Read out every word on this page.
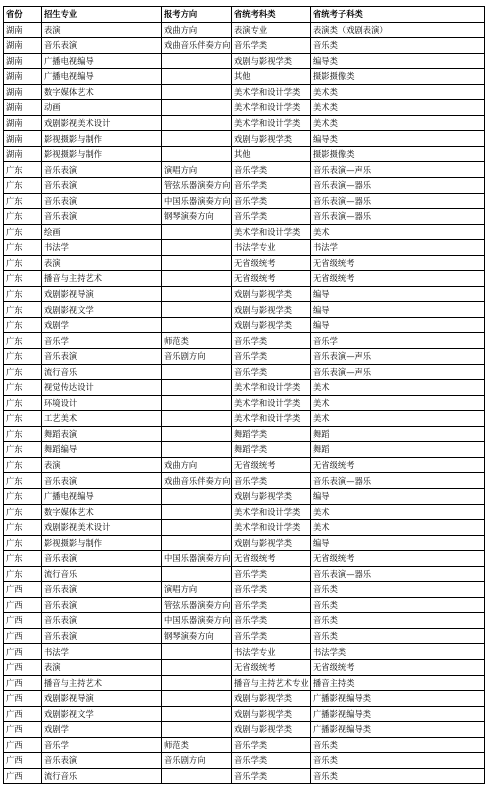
省份	招生专业	报考方向	省统考科类	省统考子科类
湖南	表演	戏曲方向	表演专业	表演类（戏剧表演）
湖南	音乐表演	戏曲音乐伴奏方向	音乐学类	音乐类
湖南	广播电视编导		戏剧与影视学类	编导类
湖南	广播电视编导		其他	摄影摄像类
湖南	数字媒体艺术		美术学和设计学类	美术类
湖南	动画		美术学和设计学类	美术类
湖南	戏剧影视美术设计		美术学和设计学类	美术类
湖南	影视摄影与制作		戏剧与影视学类	编导类
湖南	影视摄影与制作		其他	摄影摄像类
广东	音乐表演	演唱方向	音乐学类	音乐表演—声乐
广东	音乐表演	管弦乐器演奏方向	音乐学类	音乐表演—器乐
广东	音乐表演	中国乐器演奏方向	音乐学类	音乐表演—器乐
广东	音乐表演	钢琴演奏方向	音乐学类	音乐表演—器乐
广东	绘画		美术学和设计学类	美术
广东	书法学		书法学专业	书法学
广东	表演		无省级统考	无省级统考
广东	播音与主持艺术		无省级统考	无省级统考
广东	戏剧影视导演		戏剧与影视学类	编导
广东	戏剧影视文学		戏剧与影视学类	编导
广东	戏剧学		戏剧与影视学类	编导
广东	音乐学	师范类	音乐学类	音乐学
广东	音乐表演	音乐剧方向	音乐学类	音乐表演—声乐
广东	流行音乐		音乐学类	音乐表演—声乐
广东	视觉传达设计		美术学和设计学类	美术
广东	环境设计		美术学和设计学类	美术
广东	工艺美术		美术学和设计学类	美术
广东	舞蹈表演		舞蹈学类	舞蹈
广东	舞蹈编导		舞蹈学类	舞蹈
广东	表演	戏曲方向	无省级统考	无省级统考
广东	音乐表演	戏曲音乐伴奏方向	音乐学类	音乐表演—器乐
广东	广播电视编导		戏剧与影视学类	编导
广东	数字媒体艺术		美术学和设计学类	美术
广东	戏剧影视美术设计		美术学和设计学类	美术
广东	影视摄影与制作		戏剧与影视学类	编导
广东	音乐表演	中国乐器演奏方向	无省级统考	无省级统考
广东	流行音乐		音乐学类	音乐表演—器乐
广西	音乐表演	演唱方向	音乐学类	音乐类
广西	音乐表演	管弦乐器演奏方向	音乐学类	音乐类
广西	音乐表演	中国乐器演奏方向	音乐学类	音乐类
广西	音乐表演	钢琴演奏方向	音乐学类	音乐类
广西	书法学		书法学专业	书法学类
广西	表演		无省级统考	无省级统考
广西	播音与主持艺术		播音与主持艺术专业	播音主持类
广西	戏剧影视导演		戏剧与影视学类	广播影视编导类
广西	戏剧影视文学		戏剧与影视学类	广播影视编导类
广西	戏剧学		戏剧与影视学类	广播影视编导类
广西	音乐学	师范类	音乐学类	音乐类
广西	音乐表演	音乐剧方向	音乐学类	音乐类
广西	流行音乐		音乐学类	音乐类
